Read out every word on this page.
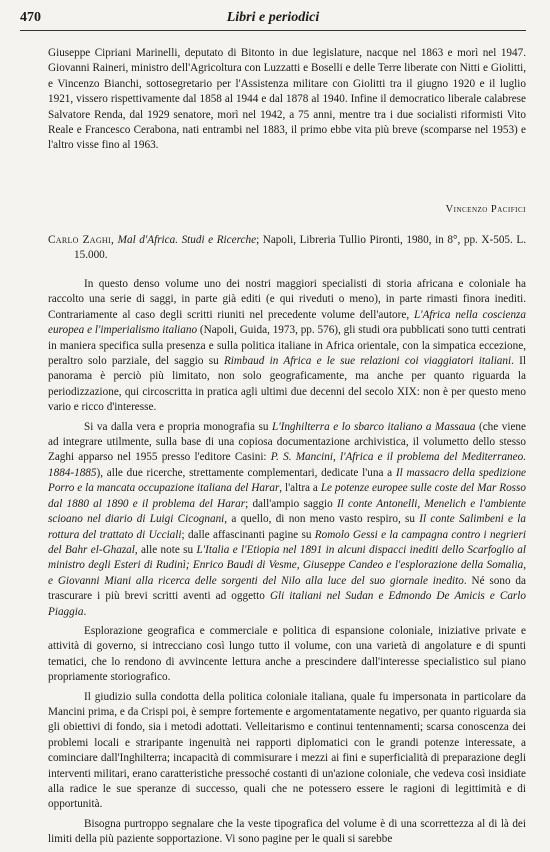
470	Libri e periodici

Giuseppe Cipriani Marinelli, deputato di Bitonto in due legislature, nacque nel 1863 e morì nel 1947. Giovanni Raineri, ministro dell'Agricoltura con Luzzatti e Boselli e delle Terre liberate con Nitti e Giolitti, e Vincenzo Bianchi, sottosegretario per l'Assistenza militare con Giolitti tra il giugno 1920 e il luglio 1921, vissero rispettivamente dal 1858 al 1944 e dal 1878 al 1940. Infine il democratico liberale calabrese Salvatore Renda, dal 1929 senatore, morì nel 1942, a 75 anni, mentre tra i due socialisti riformisti Vito Reale e Francesco Cerabona, nati entrambi nel 1883, il primo ebbe vita più breve (scomparse nel 1953) e l'altro visse fino al 1963.

Vincenzo Pacifici

Carlo Zaghi, Mal d'Africa. Studi e Ricerche; Napoli, Libreria Tullio Pironti, 1980, in 8°, pp. X-505. L. 15.000.

In questo denso volume uno dei nostri maggiori specialisti di storia africana e coloniale ha raccolto una serie di saggi, in parte già editi (e qui riveduti o meno), in parte rimasti finora inediti. Contrariamente al caso degli scritti riuniti nel precedente volume dell'autore, L'Africa nella coscienza europea e l'imperialismo italiano (Napoli, Guida, 1973, pp. 576), gli studi ora pubblicati sono tutti centrati in maniera specifica sulla presenza e sulla politica italiane in Africa orientale, con la simpatica eccezione, peraltro solo parziale, del saggio su Rimbaud in Africa e le sue relazioni coi viaggiatori italiani. Il panorama è perciò più limitato, non solo geograficamente, ma anche per quanto riguarda la periodizzazione, qui circoscritta in pratica agli ultimi due decenni del secolo XIX: non è per questo meno vario e ricco d'interesse.

Si va dalla vera e propria monografia su L'Inghilterra e lo sbarco italiano a Massaua (che viene ad integrare utilmente, sulla base di una copiosa documentazione archivistica, il volumetto dello stesso Zaghi apparso nel 1955 presso l'editore Casini: P. S. Mancini, l'Africa e il problema del Mediterraneo. 1884-1885), alle due ricerche, strettamente complementari, dedicate l'una a Il massacro della spedizione Porro e la mancata occupazione italiana del Harar, l'altra a Le potenze europee sulle coste del Mar Rosso dal 1880 al 1890 e il problema del Harar; dall'ampio saggio Il conte Antonelli, Menelich e l'ambiente scioano nel diario di Luigi Cicognani, a quello, di non meno vasto respiro, su Il conte Salimbeni e la rottura del trattato di Ucciali; dalle affascinanti pagine su Romolo Gessi e la campagna contro i negrieri del Bahr el-Ghazal, alle note su L'Italia e l'Etiopia nel 1891 in alcuni dispacci inediti dello Scarfoglio al ministro degli Esteri di Rudinì; Enrico Baudi di Vesme, Giuseppe Candeo e l'esplorazione della Somalia, e Giovanni Miani alla ricerca delle sorgenti del Nilo alla luce del suo giornale inedito. Né sono da trascurare i più brevi scritti aventi ad oggetto Gli italiani nel Sudan e Edmondo De Amicis e Carlo Piaggia.

Esplorazione geografica e commerciale e politica di espansione coloniale, iniziative private e attività di governo, si intrecciano così lungo tutto il volume, con una varietà di angolature e di spunti tematici, che lo rendono di avvincente lettura anche a prescindere dall'interesse specialistico sul piano propriamente storiografico.

Il giudizio sulla condotta della politica coloniale italiana, quale fu impersonata in particolare da Mancini prima, e da Crispi poi, è sempre fortemente e argomentatamente negativo, per quanto riguarda sia gli obiettivi di fondo, sia i metodi adottati. Velleitarismo e continui tentennamenti; scarsa conoscenza dei problemi locali e straripante ingenuità nei rapporti diplomatici con le grandi potenze interessate, a cominciare dall'Inghilterra; incapacità di commisurare i mezzi ai fini e superficialità di preparazione degli interventi militari, erano caratteristiche pressoché costanti di un'azione coloniale, che vedeva così insidiate alla radice le sue speranze di successo, quali che ne potessero essere le ragioni di legittimità e di opportunità.

Bisogna purtroppo segnalare che la veste tipografica del volume è di una scorrettezza al di là dei limiti della più paziente sopportazione. Vi sono pagine per le quali si sarebbe
